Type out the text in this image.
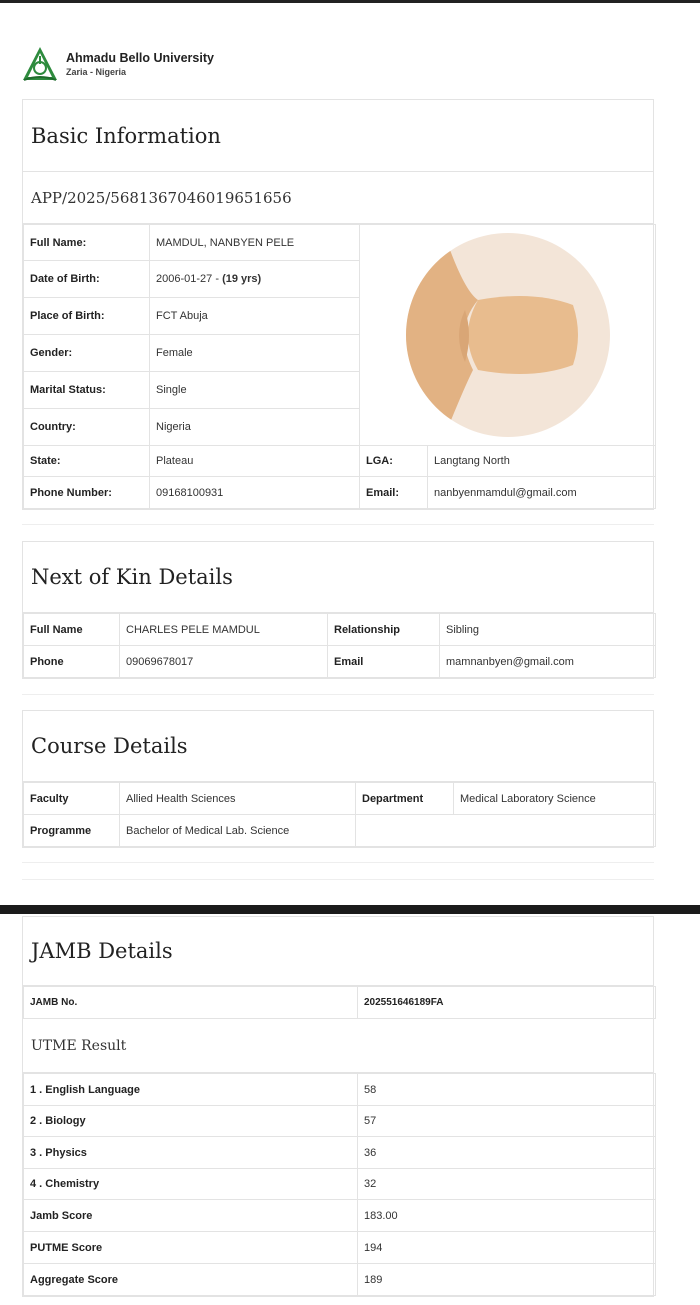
Ahmadu Bello University
Zaria - Nigeria
Basic Information
APP/2025/5681367046019651656
Full Name:	MAMDUL, NANBYEN PELE	

Date of Birth:	2006-01-27 - (19 yrs)		
Place of Birth:	FCT Abuja		
Gender:	Female		
Marital Status:	Single		
Country:	Nigeria		
State:	Plateau	LGA:	Langtang North
Phone Number:	09168100931	Email:	nanbyenmamdul@gmail.com
Next of Kin Details
Full Name	CHARLES PELE MAMDUL	Relationship	Sibling
Phone	09069678017	Email	mamnanbyen@gmail.com
Course Details
Faculty	Allied Health Sciences	Department	Medical Laboratory Science
Programme	Bachelor of Medical Lab. Science		
JAMB Details
JAMB No.	202551646189FA
UTME Result
1 . English Language	58
2 . Biology	57
3 . Physics	36
4 . Chemistry	32
Jamb Score	183.00
PUTME Score	194
Aggregate Score	189
